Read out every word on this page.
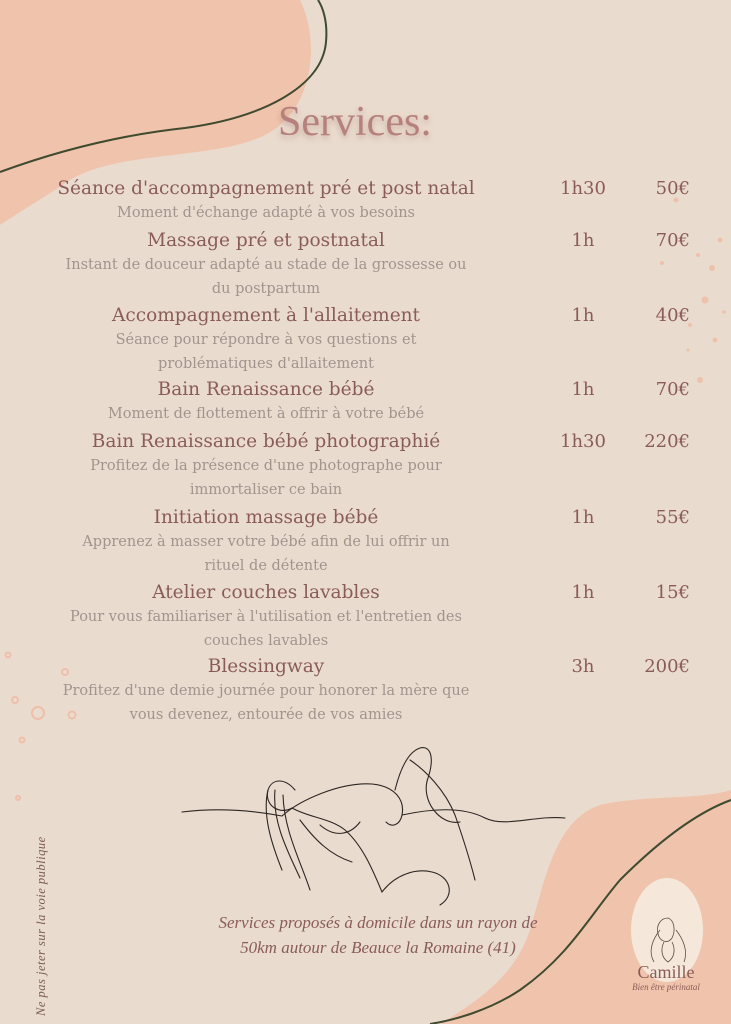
Services:
Séance d'accompagnement pré et post natal	1h30	50€
Moment d'échange adapté à vos besoins
Massage pré et postnatal	1h	70€
Instant de douceur adapté au stade de la grossesse ou
du postpartum
Accompagnement à l'allaitement	1h	40€
Séance pour répondre à vos questions et
problématiques d'allaitement
Bain Renaissance bébé	1h	70€
Moment de flottement à offrir à votre bébé
Bain Renaissance bébé photographié	1h30	220€
Profitez de la présence d'une photographe pour
immortaliser ce bain
Initiation massage bébé	1h	55€
Apprenez à masser votre bébé afin de lui offrir un
rituel de détente
Atelier couches lavables	1h	15€
Pour vous familiariser à l'utilisation et l'entretien des
couches lavables
Blessingway	3h	200€
Profitez d'une demie journée pour honorer la mère que
vous devenez, entourée de vos amies
Services proposés à domicile dans un rayon de
50km autour de Beauce la Romaine (41)
Ne pas jeter sur la voie publique	Camille
Bien être périnatal
